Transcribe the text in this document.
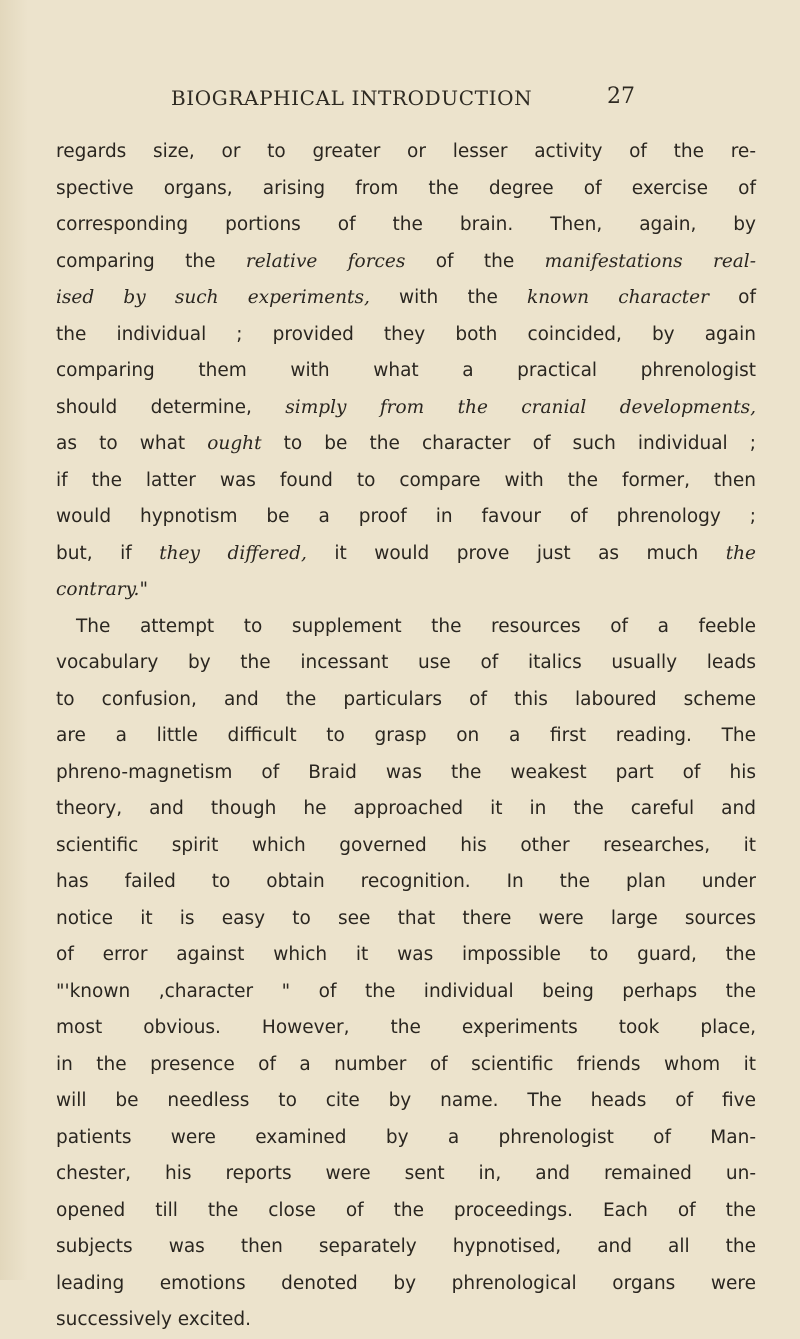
BIOGRAPHICAL INTRODUCTION	27
regards size, or to greater or lesser activity of the re-
spective organs, arising from the degree of exercise of
corresponding portions of the brain. Then, again, by
comparing the relative forces of the manifestations real-
ised by such experiments, with the known character of
the individual ; provided they both coincided, by again
comparing them with what a practical phrenologist
should determine, simply from the cranial developments,
as to what ought to be the character of such individual ;
if the latter was found to compare with the former, then
would hypnotism be a proof in favour of phrenology ;
but, if they differed, it would prove just as much the
contrary."
The attempt to supplement the resources of a feeble
vocabulary by the incessant use of italics usually leads
to confusion, and the particulars of this laboured scheme
are a little difficult to grasp on a first reading. The
phreno-magnetism of Braid was the weakest part of his
theory, and though he approached it in the careful and
scientific spirit which governed his other researches, it
has failed to obtain recognition. In the plan under
notice it is easy to see that there were large sources
of error against which it was impossible to guard, the
"'known ,character " of the individual being perhaps the
most obvious. However, the experiments took place,
in the presence of a number of scientific friends whom it
will be needless to cite by name. The heads of five
patients were examined by a phrenologist of Man-
chester, his reports were sent in, and remained un-
opened till the close of the proceedings. Each of the
subjects was then separately hypnotised, and all the
leading emotions denoted by phrenological organs were
successively excited.
